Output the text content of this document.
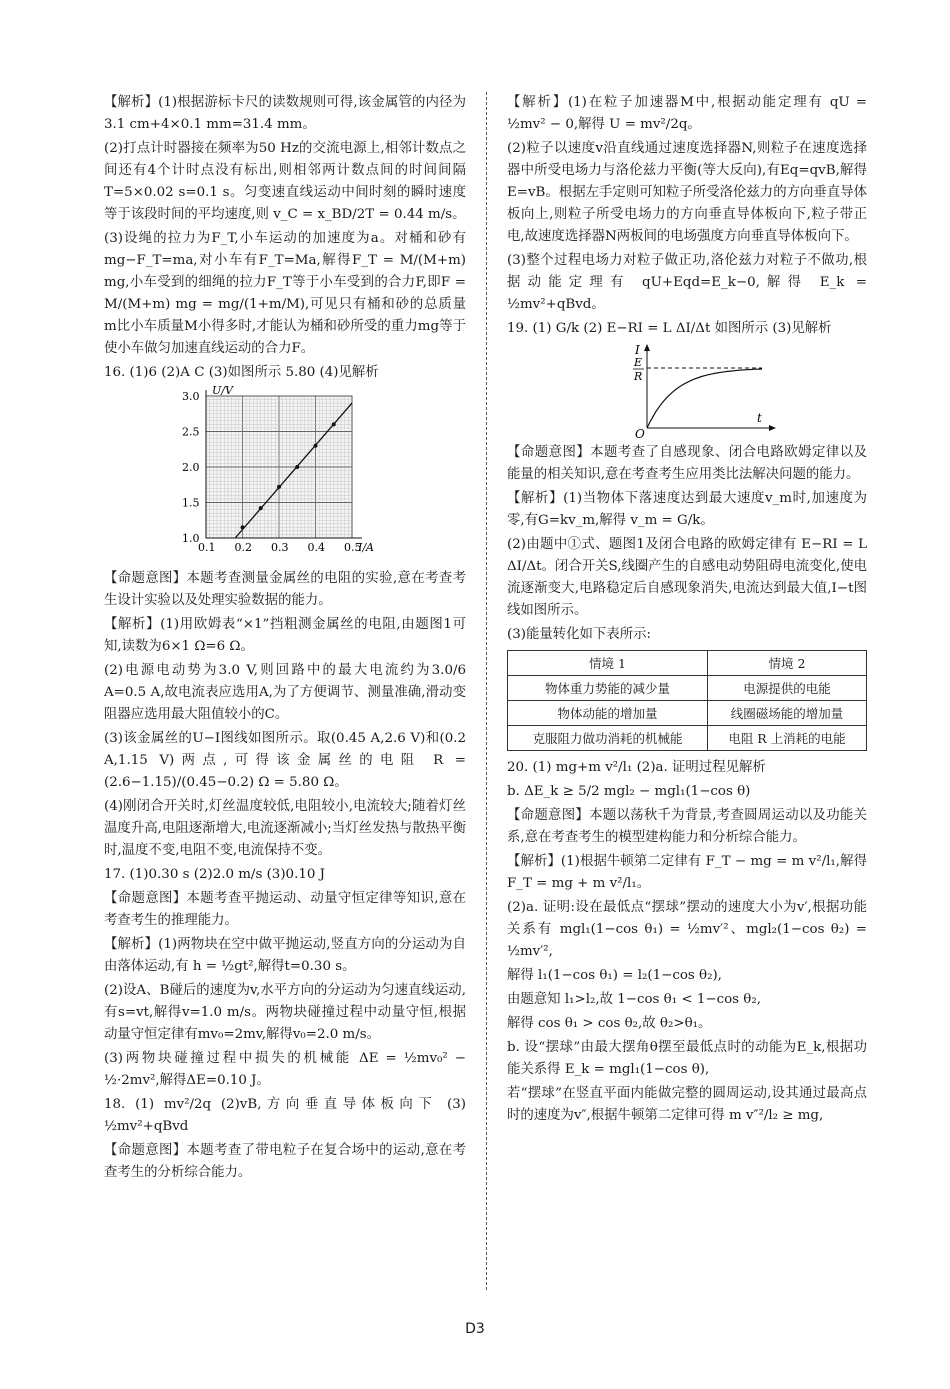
【解析】(1)根据游标卡尺的读数规则可得,该金属管的内径为3.1 cm+4×0.1 mm=31.4 mm。

(2)打点计时器接在频率为50 Hz的交流电源上,相邻计数点之间还有4个计时点没有标出,则相邻两计数点间的时间间隔T=5×0.02 s=0.1 s。匀变速直线运动中间时刻的瞬时速度等于该段时间的平均速度,则 v_C = x_BD/2T = 0.44 m/s。

(3)设绳的拉力为F_T,小车运动的加速度为a。对桶和砂有mg−F_T=ma,对小车有F_T=Ma,解得F_T = M/(M+m) mg,小车受到的细绳的拉力F_T等于小车受到的合力F,即F = M/(M+m) mg = mg/(1+m/M),可见只有桶和砂的总质量m比小车质量M小得多时,才能认为桶和砂所受的重力mg等于使小车做匀加速直线运动的合力F。

16. (1)6 (2)A C (3)如图所示 5.80 (4)见解析

0.1 0.2 0.3 0.4 0.5
1.0
1.5
2.0
2.5
3.0 U/V
I/A

【命题意图】本题考查测量金属丝的电阻的实验,意在考查考生设计实验以及处理实验数据的能力。

【解析】(1)用欧姆表“×1”挡粗测金属丝的电阻,由题图1可知,读数为6×1 Ω=6 Ω。

(2)电源电动势为3.0 V,则回路中的最大电流约为3.0/6 A=0.5 A,故电流表应选用A,为了方便调节、测量准确,滑动变阻器应选用最大阻值较小的C。

(3)该金属丝的U−I图线如图所示。取(0.45 A,2.6 V)和(0.2 A,1.15 V)两点,可得该金属丝的电阻 R = (2.6−1.15)/(0.45−0.2) Ω = 5.80 Ω。

(4)刚闭合开关时,灯丝温度较低,电阻较小,电流较大;随着灯丝温度升高,电阻逐渐增大,电流逐渐减小;当灯丝发热与散热平衡时,温度不变,电阻不变,电流保持不变。

17. (1)0.30 s (2)2.0 m/s (3)0.10 J

【命题意图】本题考查平抛运动、动量守恒定律等知识,意在考查考生的推理能力。

【解析】(1)两物块在空中做平抛运动,竖直方向的分运动为自由落体运动,有 h = ½gt²,解得t=0.30 s。

(2)设A、B碰后的速度为v,水平方向的分运动为匀速直线运动,有s=vt,解得v=1.0 m/s。两物块碰撞过程中动量守恒,根据动量守恒定律有mv₀=2mv,解得v₀=2.0 m/s。

(3)两物块碰撞过程中损失的机械能 ΔE = ½mv₀² − ½·2mv²,解得ΔE=0.10 J。

18. (1) mv²/2q (2)vB,方向垂直导体板向下 (3) ½mv²+qBvd

【命题意图】本题考查了带电粒子在复合场中的运动,意在考查考生的分析综合能力。

【解析】(1)在粒子加速器M中,根据动能定理有 qU = ½mv² − 0,解得 U = mv²/2q。

(2)粒子以速度v沿直线通过速度选择器N,则粒子在速度选择器中所受电场力与洛伦兹力平衡(等大反向),有Eq=qvB,解得E=vB。根据左手定则可知粒子所受洛伦兹力的方向垂直导体板向上,则粒子所受电场力的方向垂直导体板向下,粒子带正电,故速度选择器N两板间的电场强度方向垂直导体板向下。

(3)整个过程电场力对粒子做正功,洛伦兹力对粒子不做功,根据动能定理有 qU+Eqd=E_k−0,解得 E_k = ½mv²+qBvd。

19. (1) G/k (2) E−RI = L ΔI/Δt 如图所示 (3)见解析

I
E
R
O
t

【命题意图】本题考查了自感现象、闭合电路欧姆定律以及能量的相关知识,意在考查考生应用类比法解决问题的能力。

【解析】(1)当物体下落速度达到最大速度v_m时,加速度为零,有G=kv_m,解得 v_m = G/k。

(2)由题中①式、题图1及闭合电路的欧姆定律有 E−RI = L ΔI/Δt。闭合开关S,线圈产生的自感电动势阻碍电流变化,使电流逐渐变大,电路稳定后自感现象消失,电流达到最大值,I−t图线如图所示。

(3)能量转化如下表所示:

情境 1	情境 2
物体重力势能的减少量	电源提供的电能
物体动能的增加量	线圈磁场能的增加量
克服阻力做功消耗的机械能	电阻 R 上消耗的电能

20. (1) mg+m v²/l₁ (2)a. 证明过程见解析

b. ΔE_k ≥ 5/2 mgl₂ − mgl₁(1−cos θ)

【命题意图】本题以荡秋千为背景,考查圆周运动以及功能关系,意在考查考生的模型建构能力和分析综合能力。

【解析】(1)根据牛顿第二定律有 F_T − mg = m v²/l₁,解得 F_T = mg + m v²/l₁。

(2)a. 证明:设在最低点“摆球”摆动的速度大小为v′,根据功能关系有 mgl₁(1−cos θ₁) = ½mv′²、mgl₂(1−cos θ₂) = ½mv′²,

解得 l₁(1−cos θ₁) = l₂(1−cos θ₂),

由题意知 l₁>l₂,故 1−cos θ₁ < 1−cos θ₂,

解得 cos θ₁ > cos θ₂,故 θ₂>θ₁。

b. 设“摆球”由最大摆角θ摆至最低点时的动能为E_k,根据功能关系得 E_k = mgl₁(1−cos θ),

若“摆球”在竖直平面内能做完整的圆周运动,设其通过最高点时的速度为v″,根据牛顿第二定律可得 m v″²/l₂ ≥ mg,

D3
